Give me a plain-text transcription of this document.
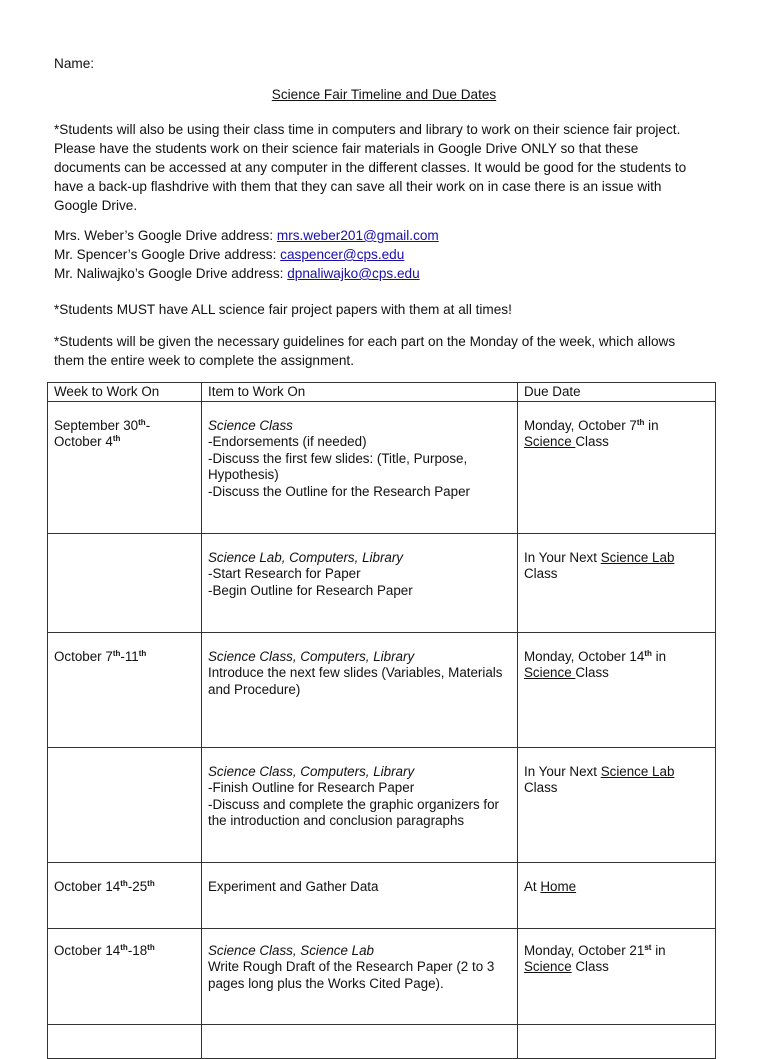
Name:
Science Fair Timeline and Due Dates
*Students will also be using their class time in computers and library to work on their science fair project.
Please have the students work on their science fair materials in Google Drive ONLY so that these
documents can be accessed at any computer in the different classes. It would be good for the students to
have a back-up flashdrive with them that they can save all their work on in case there is an issue with
Google Drive.
Mrs. Weber’s Google Drive address: mrs.weber201@gmail.com
Mr. Spencer’s Google Drive address: caspencer@cps.edu
Mr. Naliwajko’s Google Drive address: dpnaliwajko@cps.edu
*Students MUST have ALL science fair project papers with them at all times!
*Students will be given the necessary guidelines for each part on the Monday of the week, which allows
them the entire week to complete the assignment.
Week to Work On	Item to Work On	Due Date
September 30th-
October 4th	Science Class
-Endorsements (if needed)
-Discuss the first few slides: (Title, Purpose, Hypothesis)
-Discuss the Outline for the Research Paper	Monday, October 7th in
Science Class
	Science Lab, Computers, Library
-Start Research for Paper
-Begin Outline for Research Paper	In Your Next Science Lab
Class
October 7th-11th	Science Class, Computers, Library
Introduce the next few slides (Variables, Materials and Procedure)	Monday, October 14th in
Science Class
	Science Class, Computers, Library
-Finish Outline for Research Paper
-Discuss and complete the graphic organizers for the introduction and conclusion paragraphs	In Your Next Science Lab
Class
October 14th-25th	Experiment and Gather Data	At Home
October 14th-18th	Science Class, Science Lab
Write Rough Draft of the Research Paper (2 to 3 pages long plus the Works Cited Page).	Monday, October 21st in
Science Class
